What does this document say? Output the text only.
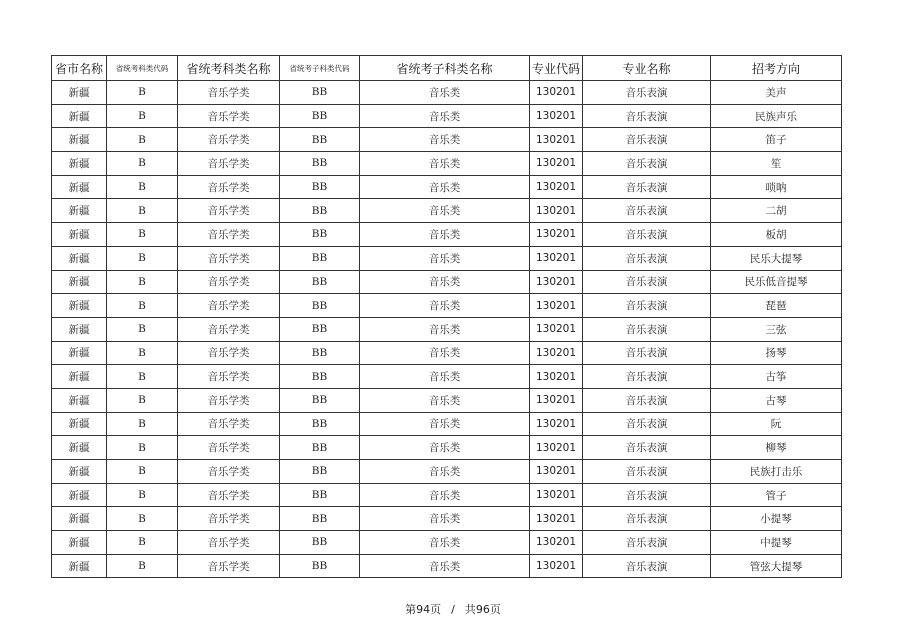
省市名称	省统考科类代码	省统考科类名称	省统考子科类代码	省统考子科类名称	专业代码	专业名称	招考方向
新疆	B	音乐学类	BB	音乐类	130201	音乐表演	美声
新疆	B	音乐学类	BB	音乐类	130201	音乐表演	民族声乐
新疆	B	音乐学类	BB	音乐类	130201	音乐表演	笛子
新疆	B	音乐学类	BB	音乐类	130201	音乐表演	笙
新疆	B	音乐学类	BB	音乐类	130201	音乐表演	唢呐
新疆	B	音乐学类	BB	音乐类	130201	音乐表演	二胡
新疆	B	音乐学类	BB	音乐类	130201	音乐表演	板胡
新疆	B	音乐学类	BB	音乐类	130201	音乐表演	民乐大提琴
新疆	B	音乐学类	BB	音乐类	130201	音乐表演	民乐低音提琴
新疆	B	音乐学类	BB	音乐类	130201	音乐表演	琵琶
新疆	B	音乐学类	BB	音乐类	130201	音乐表演	三弦
新疆	B	音乐学类	BB	音乐类	130201	音乐表演	扬琴
新疆	B	音乐学类	BB	音乐类	130201	音乐表演	古筝
新疆	B	音乐学类	BB	音乐类	130201	音乐表演	古琴
新疆	B	音乐学类	BB	音乐类	130201	音乐表演	阮
新疆	B	音乐学类	BB	音乐类	130201	音乐表演	柳琴
新疆	B	音乐学类	BB	音乐类	130201	音乐表演	民族打击乐
新疆	B	音乐学类	BB	音乐类	130201	音乐表演	管子
新疆	B	音乐学类	BB	音乐类	130201	音乐表演	小提琴
新疆	B	音乐学类	BB	音乐类	130201	音乐表演	中提琴
新疆	B	音乐学类	BB	音乐类	130201	音乐表演	管弦大提琴
第94页 / 共96页
